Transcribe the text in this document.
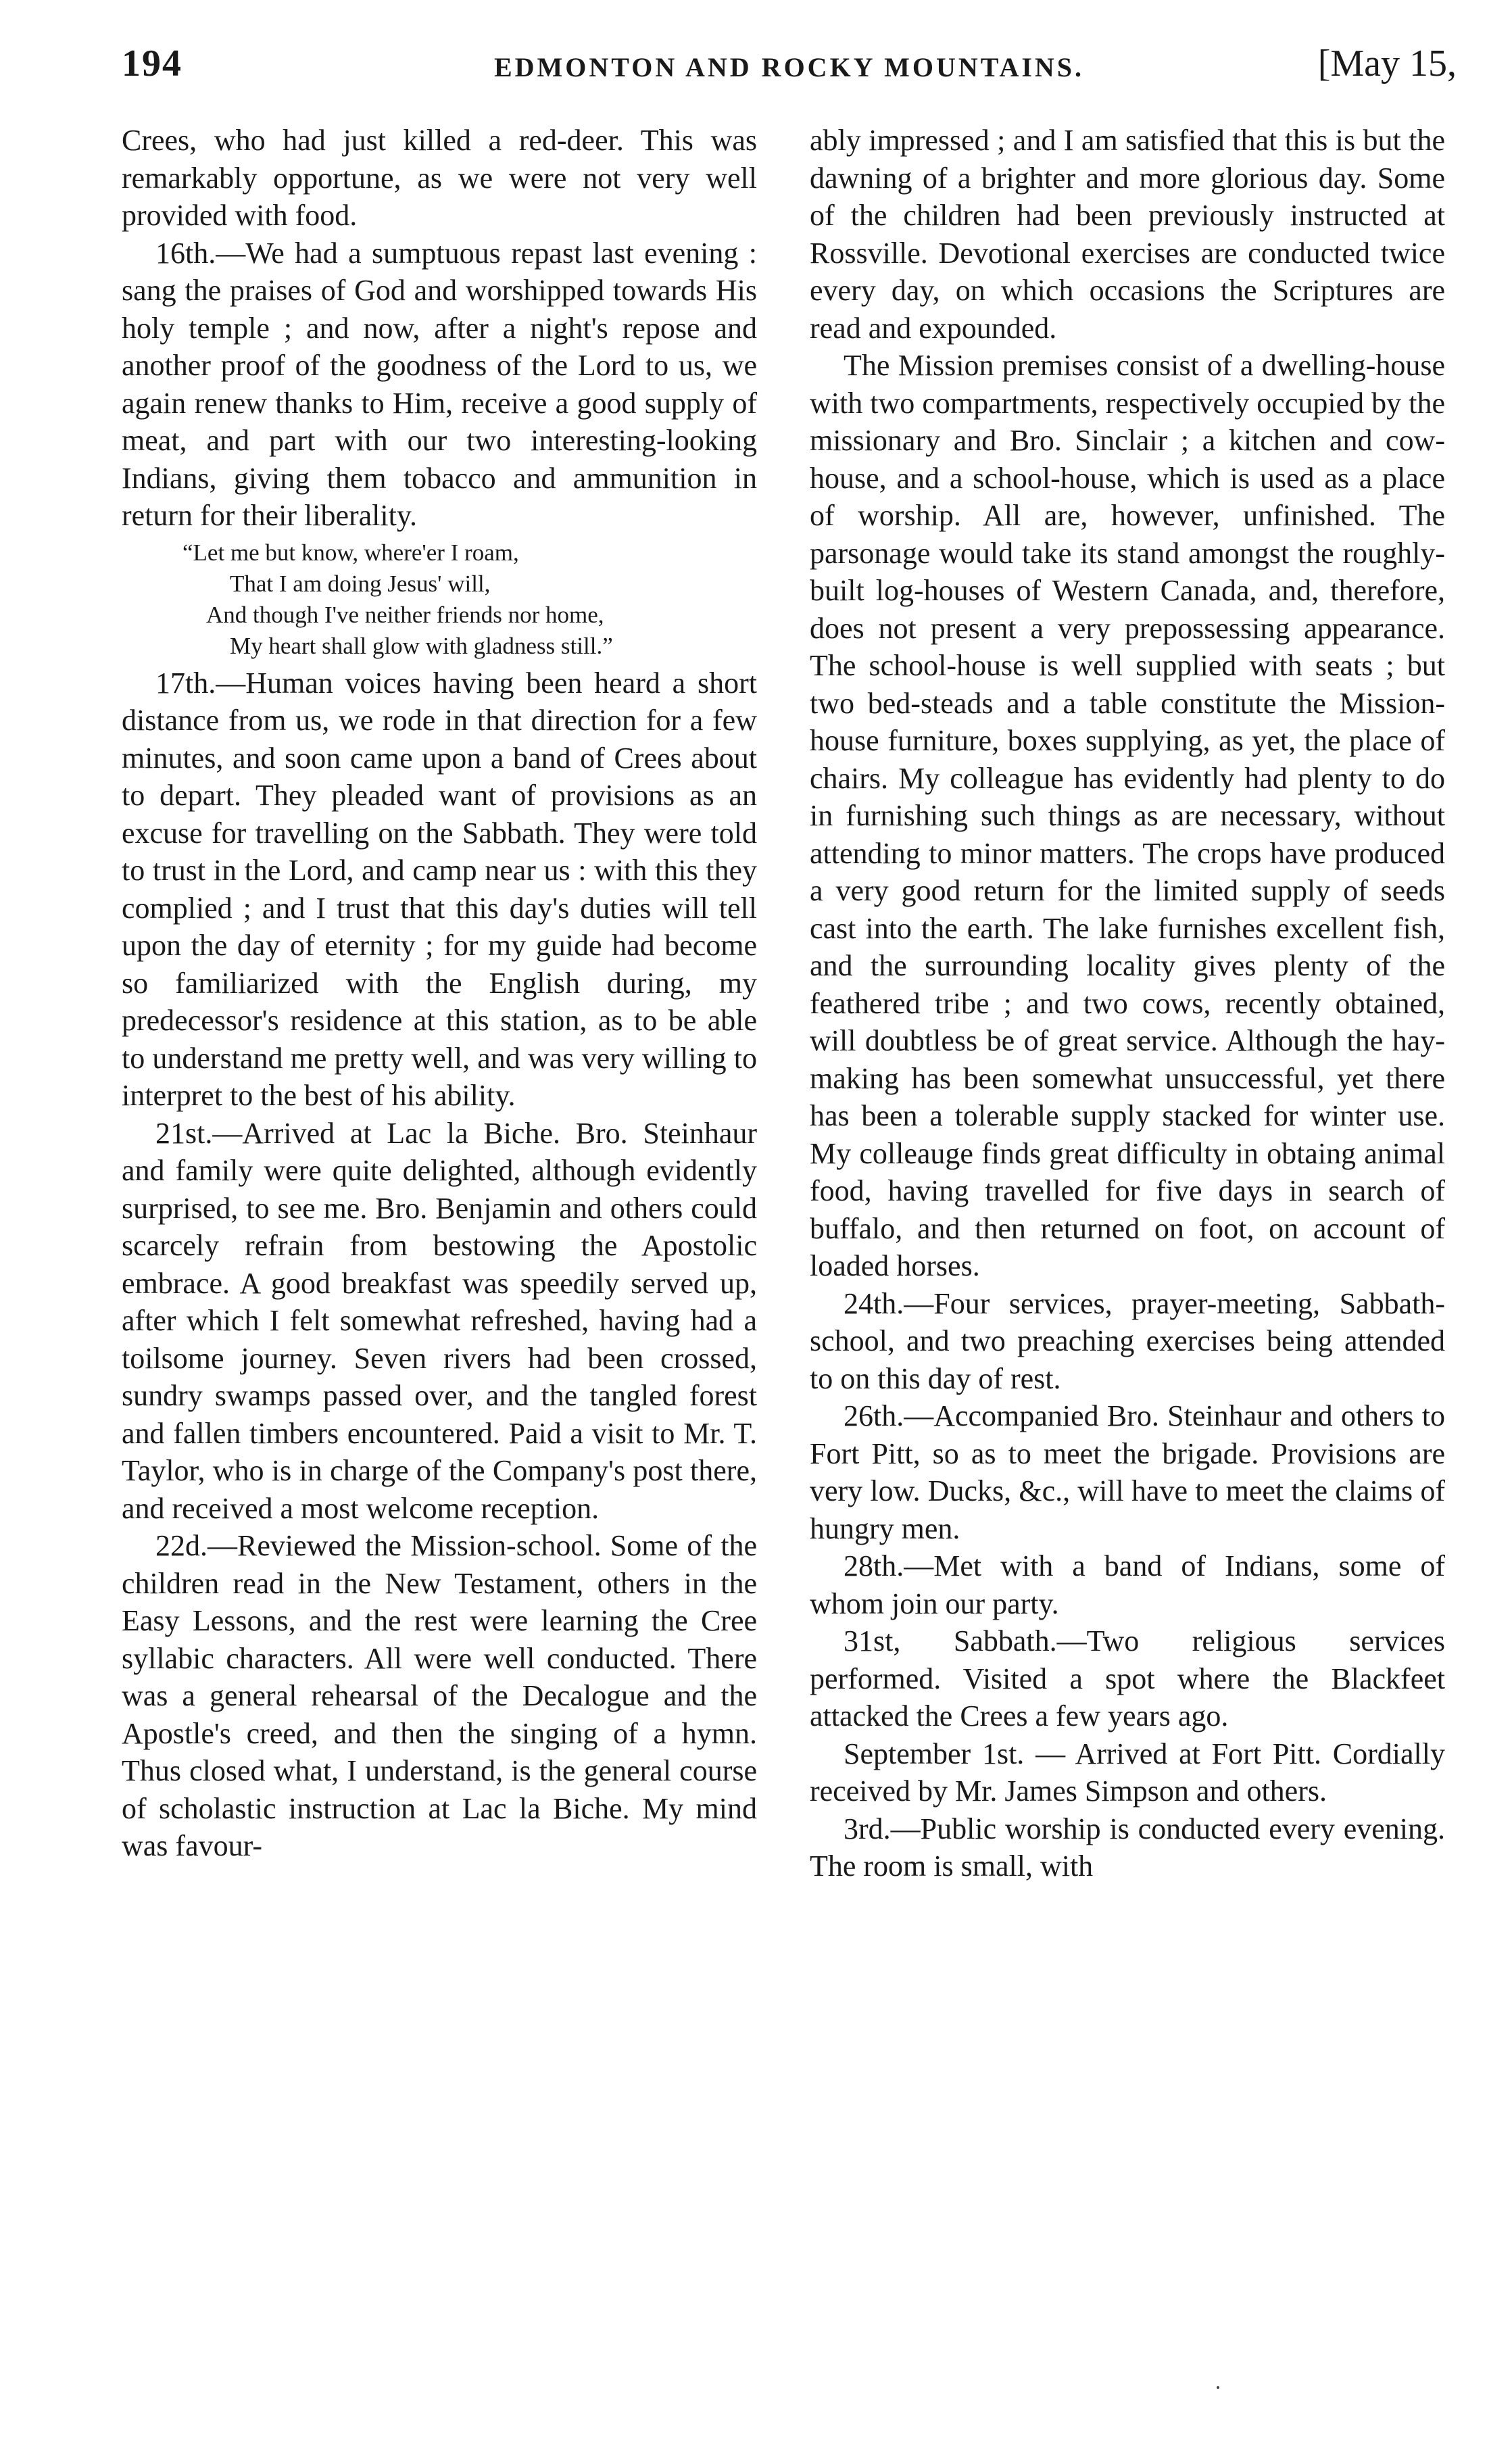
194	EDMONTON AND ROCKY MOUNTAINS.	[May 15,

Crees, who had just killed a red-deer. This was remarkably opportune, as we were not very well provided with food.

16th.—We had a sumptuous repast last evening : sang the praises of God and worshipped towards His holy temple ; and now, after a night's repose and another proof of the goodness of the Lord to us, we again renew thanks to Him, receive a good supply of meat, and part with our two interesting-looking Indians, giving them tobacco and ammunition in return for their liberality.

“Let me but know, where'er I roam,
That I am doing Jesus' will,
And though I've neither friends nor home,
My heart shall glow with gladness still.”

17th.—Human voices having been heard a short distance from us, we rode in that direction for a few minutes, and soon came upon a band of Crees about to depart. They pleaded want of provisions as an excuse for travelling on the Sabbath. They were told to trust in the Lord, and camp near us : with this they complied ; and I trust that this day's duties will tell upon the day of eternity ; for my guide had become so familiarized with the English during, my predecessor's residence at this station, as to be able to understand me pretty well, and was very willing to interpret to the best of his ability.

21st.—Arrived at Lac la Biche. Bro. Steinhaur and family were quite delighted, although evidently surprised, to see me. Bro. Benjamin and others could scarcely refrain from bestowing the Apostolic embrace. A good breakfast was speedily served up, after which I felt somewhat refreshed, having had a toilsome journey. Seven rivers had been crossed, sundry swamps passed over, and the tangled forest and fallen timbers encountered. Paid a visit to Mr. T. Taylor, who is in charge of the Company's post there, and received a most welcome reception.

22d.—Reviewed the Mission-school. Some of the children read in the New Testament, others in the Easy Lessons, and the rest were learning the Cree syllabic characters. All were well conducted. There was a general rehearsal of the Decalogue and the Apostle's creed, and then the singing of a hymn. Thus closed what, I understand, is the general course of scholastic instruction at Lac la Biche. My mind was favour-

ably impressed ; and I am satisfied that this is but the dawning of a brighter and more glorious day. Some of the children had been previously instructed at Rossville. Devotional exercises are conducted twice every day, on which occasions the Scriptures are read and expounded.

The Mission premises consist of a dwelling-house with two compartments, respectively occupied by the missionary and Bro. Sinclair ; a kitchen and cow-house, and a school-house, which is used as a place of worship. All are, however, unfinished. The parsonage would take its stand amongst the roughly-built log-houses of Western Canada, and, therefore, does not present a very prepossessing appearance. The school-house is well supplied with seats ; but two bed-steads and a table constitute the Mission-house furniture, boxes supplying, as yet, the place of chairs. My colleague has evidently had plenty to do in furnishing such things as are necessary, without attending to minor matters. The crops have produced a very good return for the limited supply of seeds cast into the earth. The lake furnishes excellent fish, and the surrounding locality gives plenty of the feathered tribe ; and two cows, recently obtained, will doubtless be of great service. Although the hay-making has been somewhat unsuccessful, yet there has been a tolerable supply stacked for winter use. My colleauge finds great difficulty in obtaing animal food, having travelled for five days in search of buffalo, and then returned on foot, on account of loaded horses.

24th.—Four services, prayer-meeting, Sabbath-school, and two preaching exercises being attended to on this day of rest.

26th.—Accompanied Bro. Steinhaur and others to Fort Pitt, so as to meet the brigade. Provisions are very low. Ducks, &c., will have to meet the claims of hungry men.

28th.—Met with a band of Indians, some of whom join our party.

31st, Sabbath.—Two religious services performed. Visited a spot where the Blackfeet attacked the Crees a few years ago.

September 1st. — Arrived at Fort Pitt. Cordially received by Mr. James Simpson and others.

3rd.—Public worship is conducted every evening. The room is small, with
